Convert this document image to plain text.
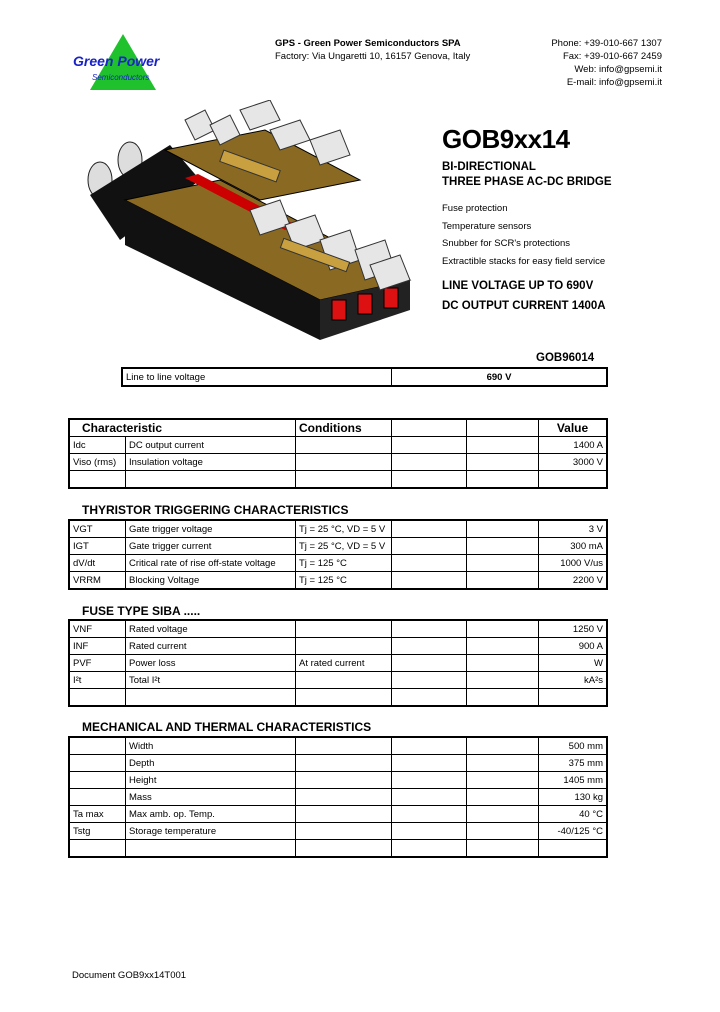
Green Power
Semiconductors
GPS - Green Power Semiconductors SPA
Factory: Via Ungaretti 10, 16157 Genova, Italy
Phone: +39-010-667 1307
Fax: +39-010-667 2459
Web: info@gpsemi.it
E-mail: info@gpsemi.it
GOB9xx14
BI-DIRECTIONAL
THREE PHASE AC-DC BRIDGE
Fuse protection
Temperature sensors
Snubber for SCR's protections
Extractible stacks for easy field service
LINE VOLTAGE UP TO 690V
DC OUTPUT CURRENT 1400A
GOB96014
Line to line voltage	690 V
Characteristic		Conditions			Value
Idc	DC output current				1400 A
Viso (rms)	Insulation voltage				3000 V

THYRISTOR TRIGGERING CHARACTERISTICS
VGT	Gate trigger voltage	Tj = 25 °C, VD = 5 V			3 V
IGT	Gate trigger current	Tj = 25 °C, VD = 5 V			300 mA
dV/dt	Critical rate of rise off-state voltage	Tj = 125 °C			1000 V/us
VRRM	Blocking Voltage	Tj = 125 °C			2200 V
FUSE TYPE SIBA .....
VNF	Rated voltage				1250 V
INF	Rated current				900 A
PVF	Power loss	At rated current			W
I²t	Total I²t				kA²s

MECHANICAL AND THERMAL CHARACTERISTICS
	Width				500 mm
	Depth				375 mm
	Height				1405 mm
	Mass				130 kg
Ta max	Max amb. op. Temp.				40 °C
Tstg	Storage temperature				-40/125 °C

Document GOB9xx14T001
